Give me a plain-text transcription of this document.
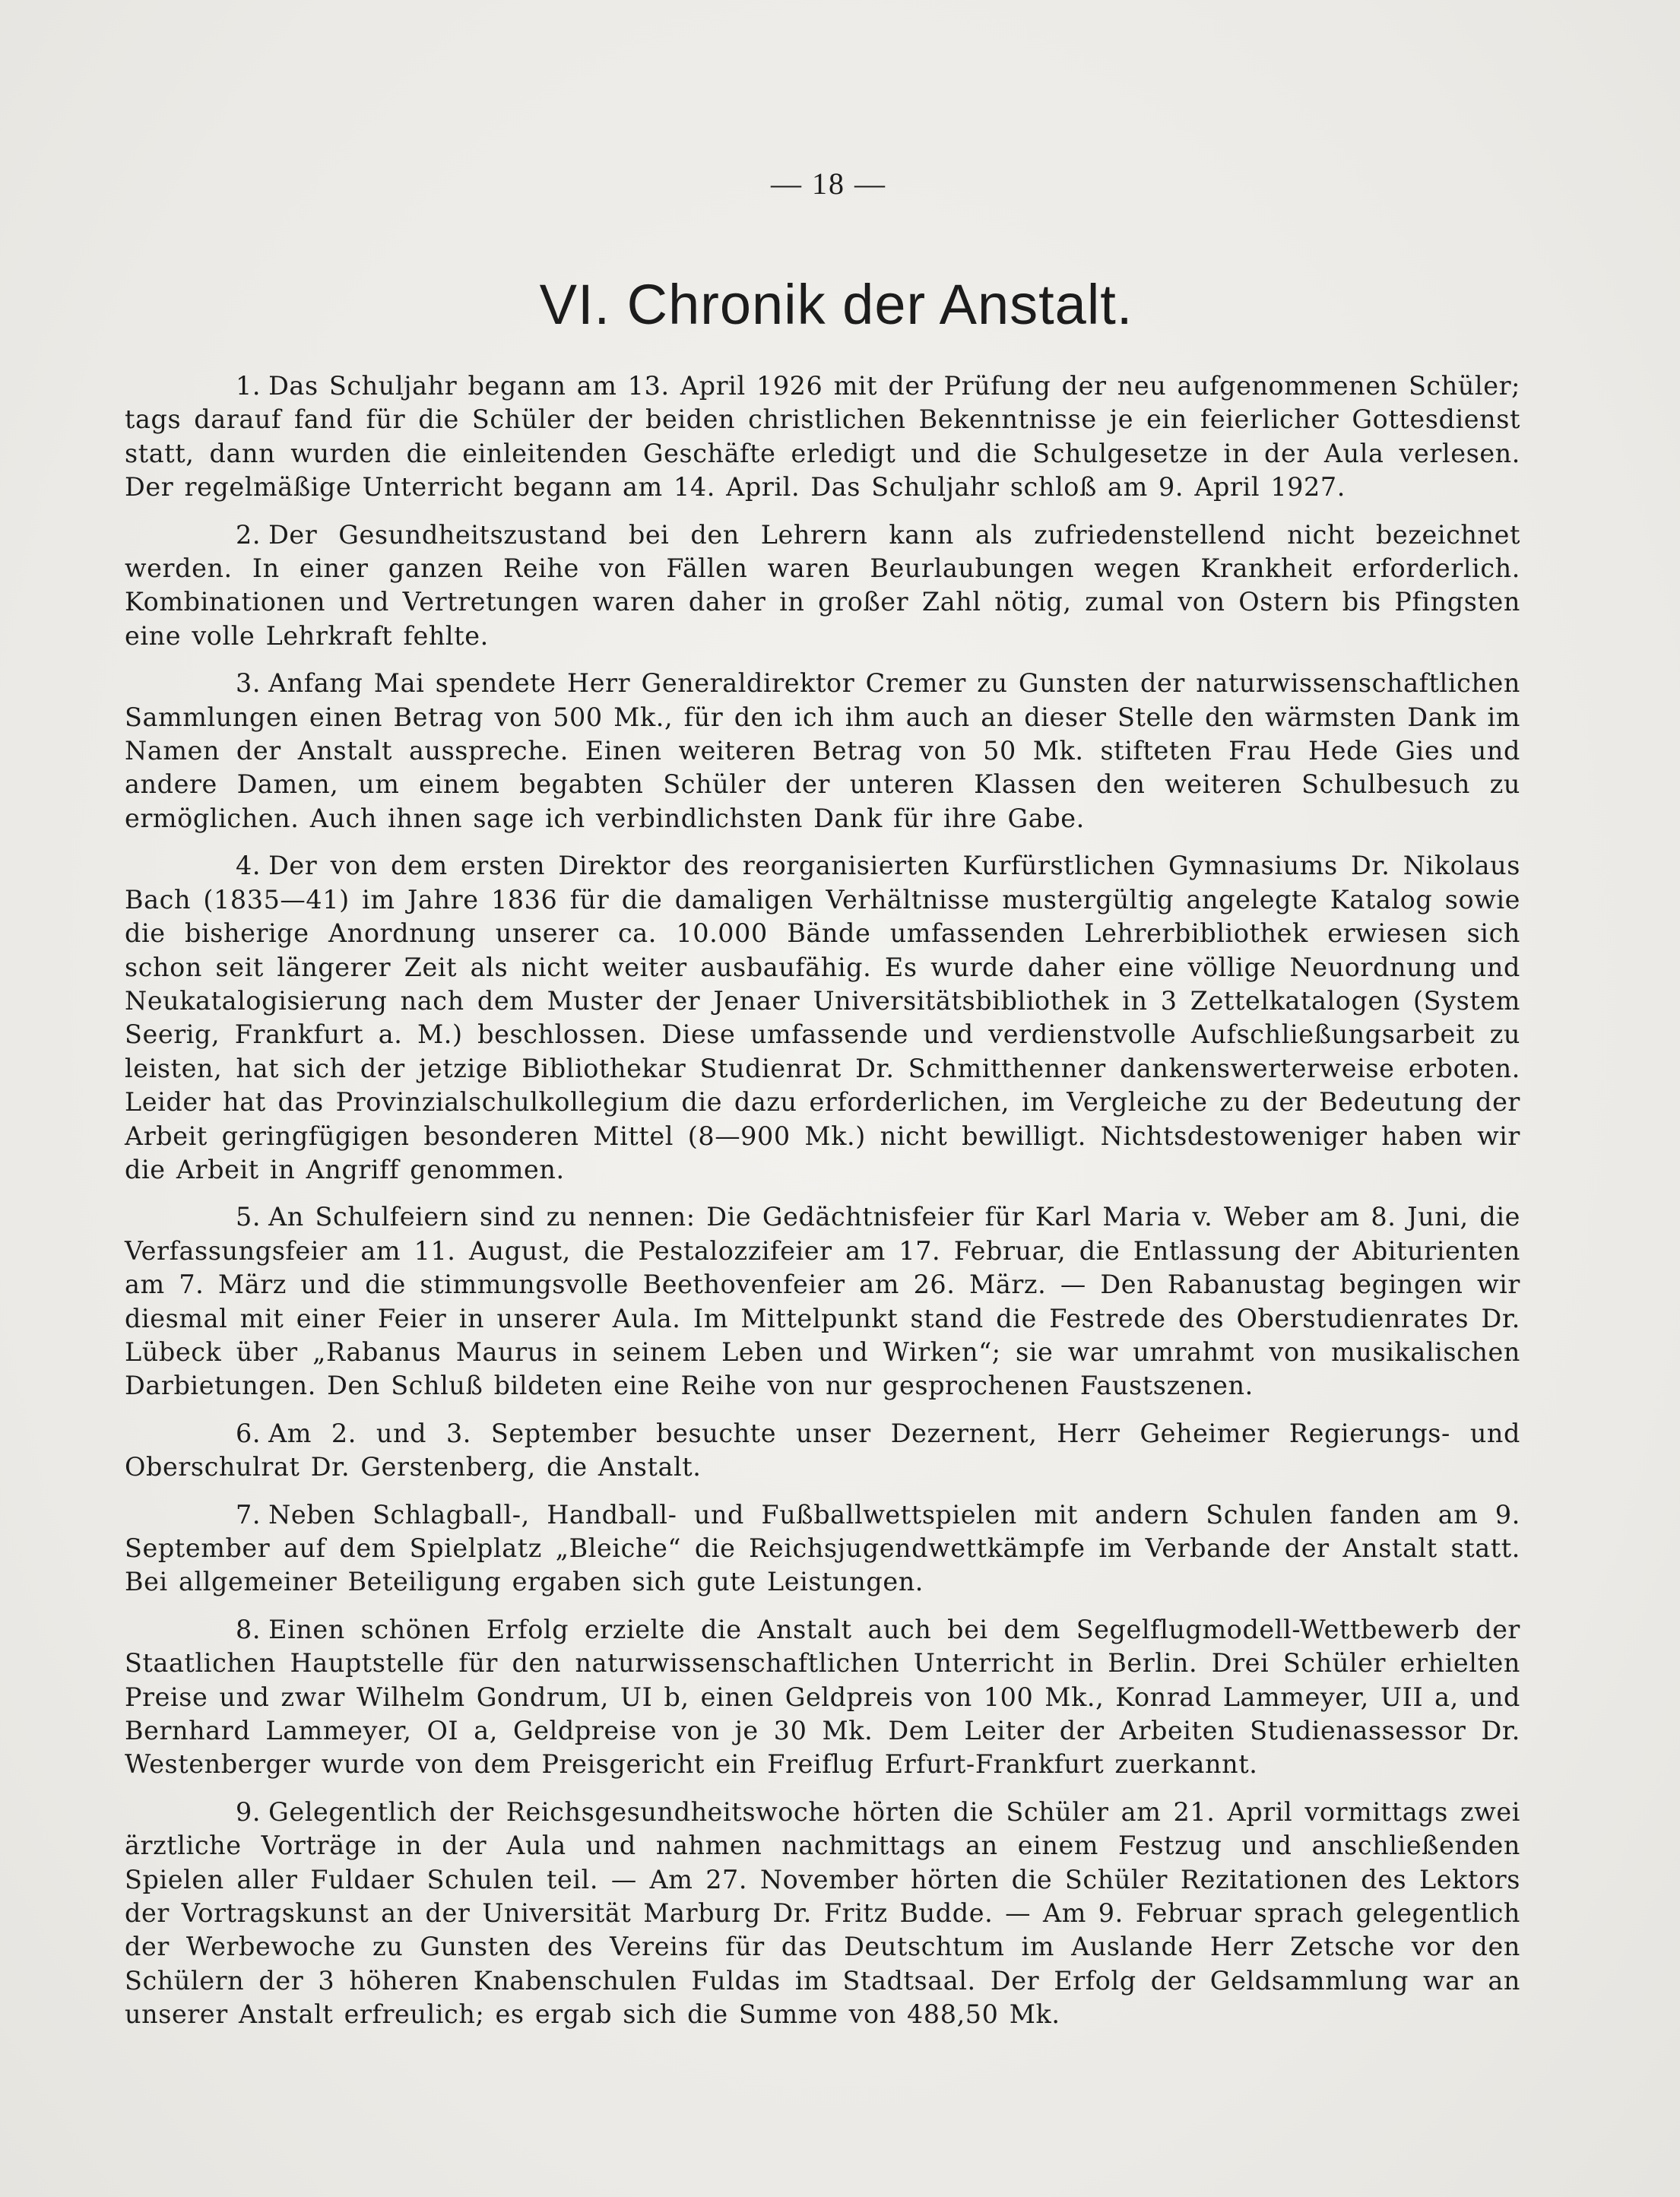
— 18 —
VI. Chronik der Anstalt.

1. Das Schuljahr begann am 13. April 1926 mit der Prüfung der neu aufgenommenen Schüler; tags darauf fand für die Schüler der beiden christlichen Bekenntnisse je ein feierlicher Gottesdienst statt, dann wurden die einleitenden Geschäfte erledigt und die Schulgesetze in der Aula verlesen. Der regelmäßige Unterricht begann am 14. April. Das Schuljahr schloß am 9. April 1927.

2. Der Gesundheitszustand bei den Lehrern kann als zufriedenstellend nicht bezeichnet werden. In einer ganzen Reihe von Fällen waren Beurlaubungen wegen Krankheit erforderlich. Kombinationen und Vertretungen waren daher in großer Zahl nötig, zumal von Ostern bis Pfingsten eine volle Lehrkraft fehlte.

3. Anfang Mai spendete Herr Generaldirektor Cremer zu Gunsten der naturwissenschaftlichen Sammlungen einen Betrag von 500 Mk., für den ich ihm auch an dieser Stelle den wärmsten Dank im Namen der Anstalt ausspreche. Einen weiteren Betrag von 50 Mk. stifteten Frau Hede Gies und andere Damen, um einem begabten Schüler der unteren Klassen den weiteren Schulbesuch zu ermöglichen. Auch ihnen sage ich verbindlichsten Dank für ihre Gabe.

4. Der von dem ersten Direktor des reorganisierten Kurfürstlichen Gymnasiums Dr. Nikolaus Bach (1835—41) im Jahre 1836 für die damaligen Verhältnisse mustergültig angelegte Katalog sowie die bisherige Anordnung unserer ca. 10.000 Bände umfassenden Lehrerbibliothek erwiesen sich schon seit längerer Zeit als nicht weiter ausbaufähig. Es wurde daher eine völlige Neuordnung und Neukatalogisierung nach dem Muster der Jenaer Universitätsbibliothek in 3 Zettelkatalogen (System Seerig, Frankfurt a. M.) beschlossen. Diese umfassende und verdienstvolle Aufschließungsarbeit zu leisten, hat sich der jetzige Bibliothekar Studienrat Dr. Schmitthenner dankenswerterweise erboten. Leider hat das Provinzialschulkollegium die dazu erforderlichen, im Vergleiche zu der Bedeutung der Arbeit geringfügigen besonderen Mittel (8—900 Mk.) nicht bewilligt. Nichtsdestoweniger haben wir die Arbeit in Angriff genommen.

5. An Schulfeiern sind zu nennen: Die Gedächtnisfeier für Karl Maria v. Weber am 8. Juni, die Verfassungsfeier am 11. August, die Pestalozzifeier am 17. Februar, die Entlassung der Abiturienten am 7. März und die stimmungsvolle Beethovenfeier am 26. März. — Den Rabanustag begingen wir diesmal mit einer Feier in unserer Aula. Im Mittelpunkt stand die Festrede des Oberstudienrates Dr. Lübeck über „Rabanus Maurus in seinem Leben und Wirken“; sie war umrahmt von musikalischen Darbietungen. Den Schluß bildeten eine Reihe von nur gesprochenen Faustszenen.

6. Am 2. und 3. September besuchte unser Dezernent, Herr Geheimer Regierungs- und Oberschulrat Dr. Gerstenberg, die Anstalt.

7. Neben Schlagball-, Handball- und Fußballwettspielen mit andern Schulen fanden am 9. September auf dem Spielplatz „Bleiche“ die Reichsjugendwettkämpfe im Verbande der Anstalt statt. Bei allgemeiner Beteiligung ergaben sich gute Leistungen.

8. Einen schönen Erfolg erzielte die Anstalt auch bei dem Segelflugmodell-Wettbewerb der Staatlichen Hauptstelle für den naturwissenschaftlichen Unterricht in Berlin. Drei Schüler erhielten Preise und zwar Wilhelm Gondrum, UI b, einen Geldpreis von 100 Mk., Konrad Lammeyer, UII a, und Bernhard Lammeyer, OI a, Geldpreise von je 30 Mk. Dem Leiter der Arbeiten Studienassessor Dr. Westenberger wurde von dem Preisgericht ein Freiflug Erfurt-Frankfurt zuerkannt.

9. Gelegentlich der Reichsgesundheitswoche hörten die Schüler am 21. April vormittags zwei ärztliche Vorträge in der Aula und nahmen nachmittags an einem Festzug und anschließenden Spielen aller Fuldaer Schulen teil. — Am 27. November hörten die Schüler Rezitationen des Lektors der Vortragskunst an der Universität Marburg Dr. Fritz Budde. — Am 9. Februar sprach gelegentlich der Werbewoche zu Gunsten des Vereins für das Deutschtum im Auslande Herr Zetsche vor den Schülern der 3 höheren Knabenschulen Fuldas im Stadtsaal. Der Erfolg der Geldsammlung war an unserer Anstalt erfreulich; es ergab sich die Summe von 488,50 Mk.
